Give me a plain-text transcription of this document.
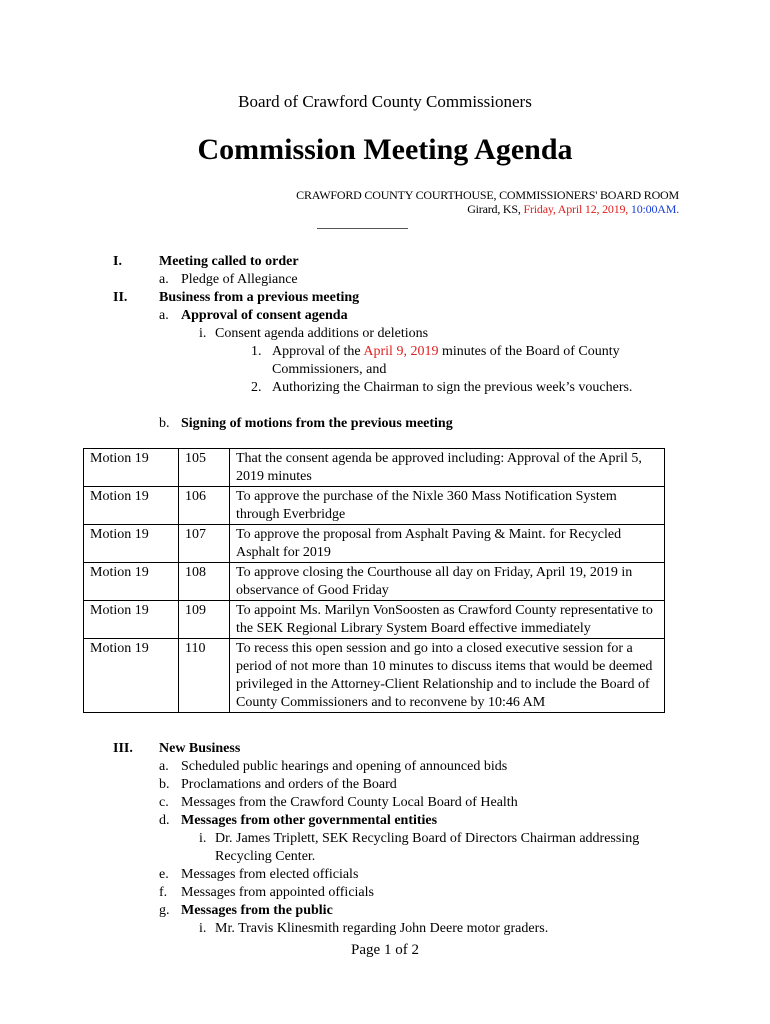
Board of Crawford County Commissioners
Commission Meeting Agenda
CRAWFORD COUNTY COURTHOUSE, COMMISSIONERS' BOARD ROOM
Girard, KS, Friday, April 12, 2019, 10:00AM.
I.	Meeting called to order
a. Pledge of Allegiance
II. Business from a previous meeting
a. Approval of consent agenda
i. Consent agenda additions or deletions
1. Approval of the April 9, 2019 minutes of the Board of County
Commissioners, and
2. Authorizing the Chairman to sign the previous week’s vouchers.
b. Signing of motions from the previous meeting
Motion 19	105	That the consent agenda be approved including: Approval of the April 5, 2019 minutes
Motion 19	106	To approve the purchase of the Nixle 360 Mass Notification System through Everbridge
Motion 19	107	To approve the proposal from Asphalt Paving & Maint. for Recycled Asphalt for 2019
Motion 19	108	To approve closing the Courthouse all day on Friday, April 19, 2019 in observance of Good Friday
Motion 19	109	To appoint Ms. Marilyn VonSoosten as Crawford County representative to the SEK Regional Library System Board effective immediately
Motion 19	110	To recess this open session and go into a closed executive session for a period of not more than 10 minutes to discuss items that would be deemed privileged in the Attorney-Client Relationship and to include the Board of County Commissioners and to reconvene by 10:46 AM
III. New Business
a. Scheduled public hearings and opening of announced bids
b. Proclamations and orders of the Board
c. Messages from the Crawford County Local Board of Health
d. Messages from other governmental entities
i. Dr. James Triplett, SEK Recycling Board of Directors Chairman addressing
Recycling Center.
e. Messages from elected officials
f. Messages from appointed officials
g. Messages from the public
i. Mr. Travis Klinesmith regarding John Deere motor graders.
Page 1 of 2
